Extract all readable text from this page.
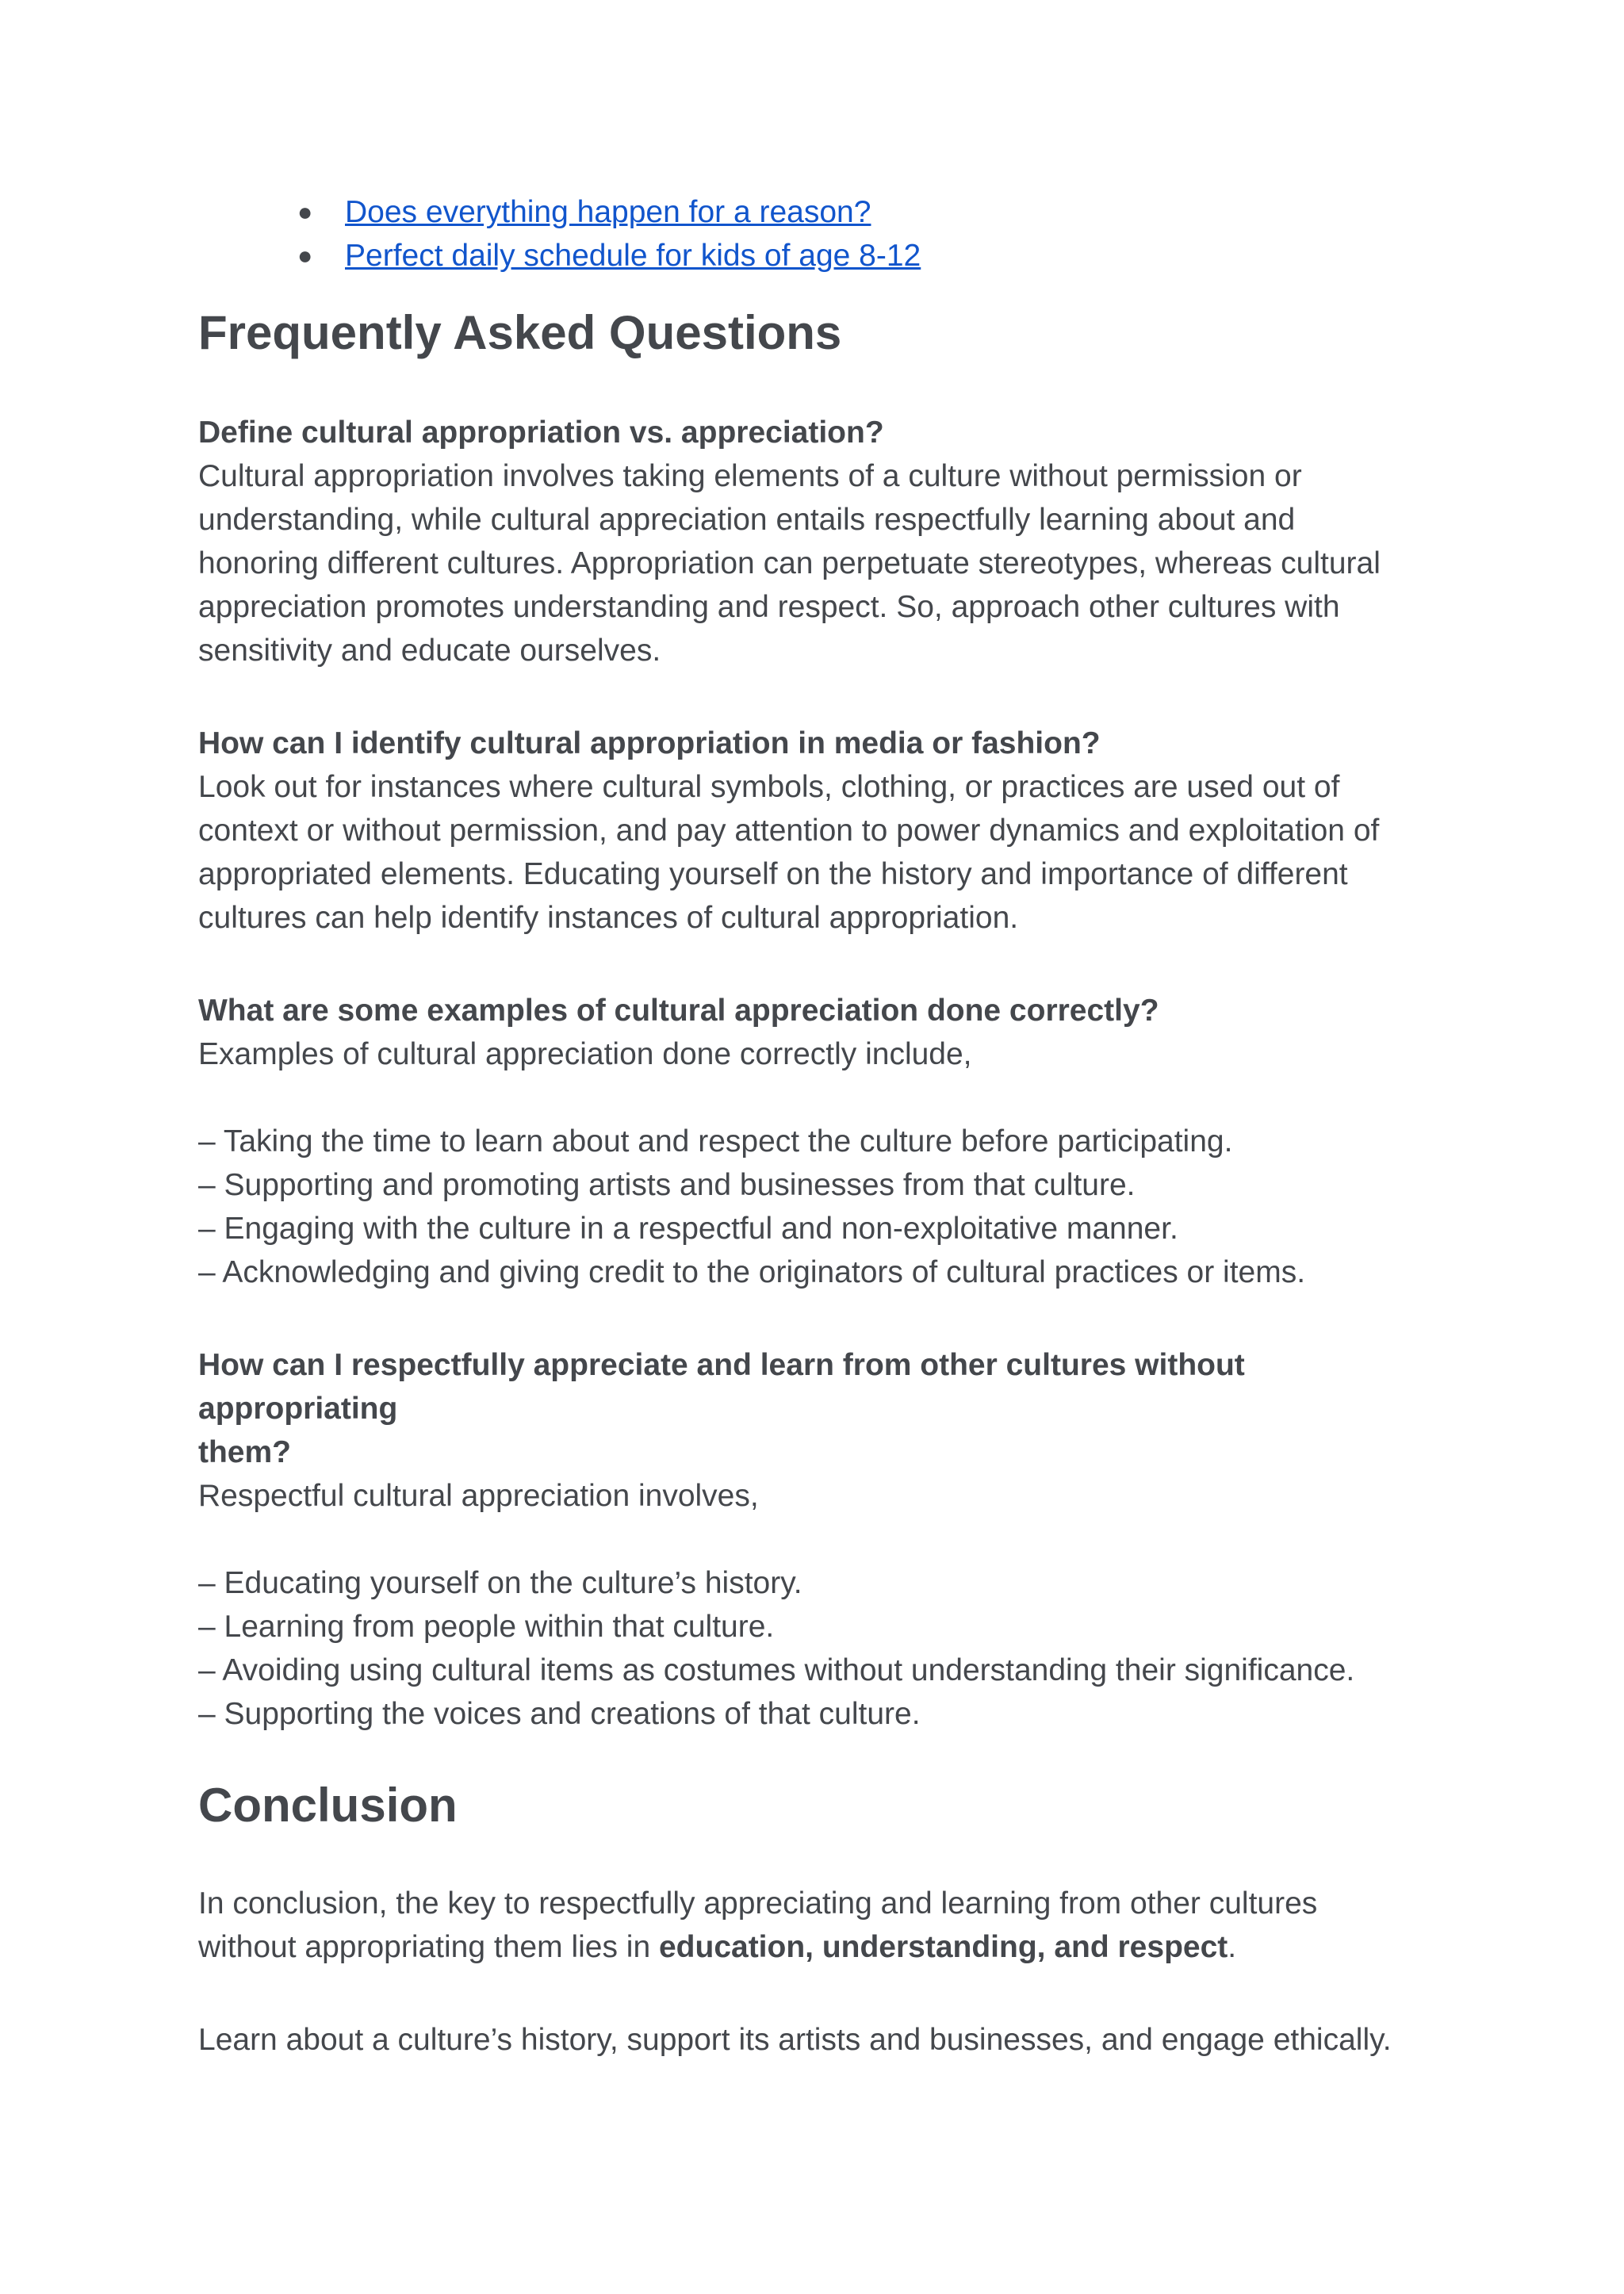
● Does everything happen for a reason?
● Perfect daily schedule for kids of age 8-12
Frequently Asked Questions

Define cultural appropriation vs. appreciation?

Cultural appropriation involves taking elements of a culture without permission or

understanding, while cultural appreciation entails respectfully learning about and

honoring different cultures. Appropriation can perpetuate stereotypes, whereas cultural

appreciation promotes understanding and respect. So, approach other cultures with

sensitivity and educate ourselves.

How can I identify cultural appropriation in media or fashion?

Look out for instances where cultural symbols, clothing, or practices are used out of

context or without permission, and pay attention to power dynamics and exploitation of

appropriated elements. Educating yourself on the history and importance of different

cultures can help identify instances of cultural appropriation.

What are some examples of cultural appreciation done correctly?

Examples of cultural appreciation done correctly include,

– Taking the time to learn about and respect the culture before participating.

– Supporting and promoting artists and businesses from that culture.

– Engaging with the culture in a respectful and non-exploitative manner.

– Acknowledging and giving credit to the originators of cultural practices or items.

How can I respectfully appreciate and learn from other cultures without appropriating

them?

Respectful cultural appreciation involves,

– Educating yourself on the culture’s history.

– Learning from people within that culture.

– Avoiding using cultural items as costumes without understanding their significance.

– Supporting the voices and creations of that culture.

Conclusion

In conclusion, the key to respectfully appreciating and learning from other cultures

without appropriating them lies in education, understanding, and respect.

Learn about a culture’s history, support its artists and businesses, and engage ethically.
